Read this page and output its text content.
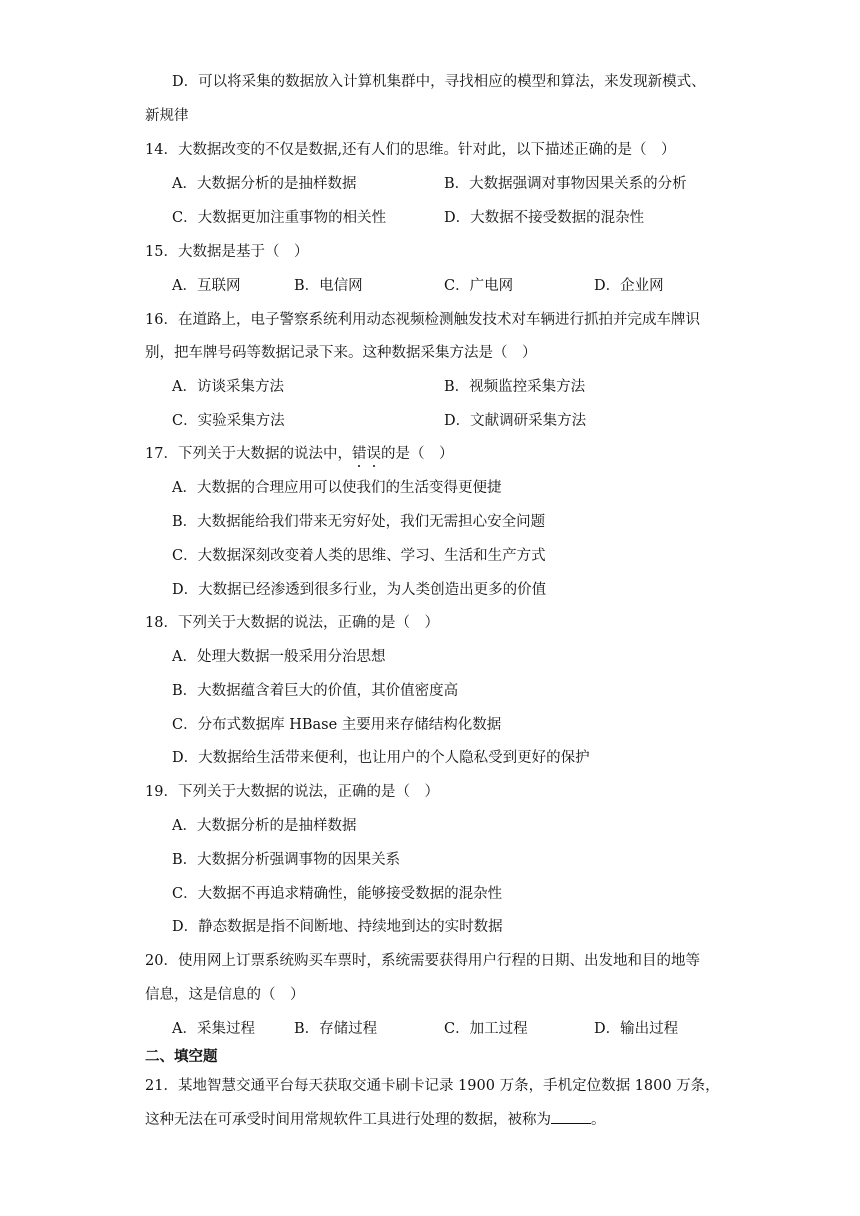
D．可以将采集的数据放入计算机集群中，寻找相应的模型和算法，来发现新模式、
新规律
14．大数据改变的不仅是数据,还有人们的思维。针对此，以下描述正确的是（　）
A．大数据分析的是抽样数据	B．大数据强调对事物因果关系的分析
C．大数据更加注重事物的相关性	D．大数据不接受数据的混杂性
15．大数据是基于（　）
A．互联网	B．电信网	C．广电网	D．企业网
16．在道路上，电子警察系统利用动态视频检测触发技术对车辆进行抓拍并完成车牌识
别，把车牌号码等数据记录下来。这种数据采集方法是（　）
A．访谈采集方法	B．视频监控采集方法
C．实验采集方法	D．文献调研采集方法
17．下列关于大数据的说法中，错误的是（　）
A．大数据的合理应用可以使我们的生活变得更便捷
B．大数据能给我们带来无穷好处，我们无需担心安全问题
C．大数据深刻改变着人类的思维、学习、生活和生产方式
D．大数据已经渗透到很多行业，为人类创造出更多的价值
18．下列关于大数据的说法，正确的是（　）
A．处理大数据一般采用分治思想
B．大数据蕴含着巨大的价值，其价值密度高
C．分布式数据库 HBase 主要用来存储结构化数据
D．大数据给生活带来便利，也让用户的个人隐私受到更好的保护
19．下列关于大数据的说法，正确的是（　）
A．大数据分析的是抽样数据
B．大数据分析强调事物的因果关系
C．大数据不再追求精确性，能够接受数据的混杂性
D．静态数据是指不间断地、持续地到达的实时数据
20．使用网上订票系统购买车票时，系统需要获得用户行程的日期、出发地和目的地等
信息，这是信息的（　）
A．采集过程	B．存储过程	C．加工过程	D．输出过程
二、填空题
21．某地智慧交通平台每天获取交通卡刷卡记录 1900 万条，手机定位数据 1800 万条，
这种无法在可承受时间用常规软件工具进行处理的数据，被称为	。
